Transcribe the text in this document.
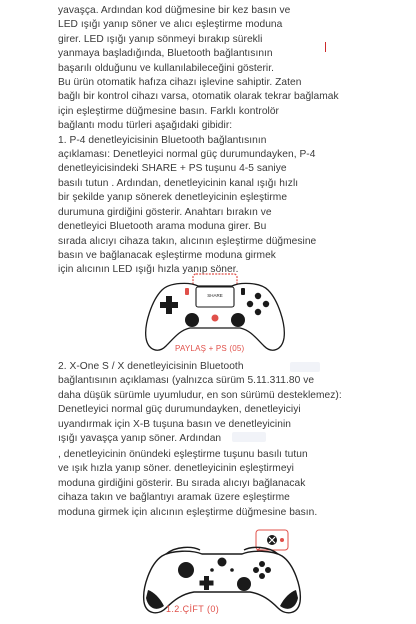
yavaşça. Ardından kod düğmesine bir kez basın ve
LED ışığı yanıp söner ve alıcı eşleştirme moduna
girer. LED ışığı yanıp sönmeyi bırakıp sürekli
yanmaya başladığında, Bluetooth bağlantısının
başarılı olduğunu ve kullanılabileceğini gösterir.
Bu ürün otomatik hafıza cihazı işlevine sahiptir. Zaten
bağlı bir kontrol cihazı varsa, otomatik olarak tekrar bağlamak
için eşleştirme düğmesine basın. Farklı kontrolör
bağlantı modu türleri aşağıdaki gibidir:
1. P-4 denetleyicisinin Bluetooth bağlantısının
açıklaması: Denetleyici normal güç durumundayken, P-4
denetleyicisindeki SHARE + PS tuşunu 4-5 saniye
basılı tutun . Ardından, denetleyicinin kanal ışığı hızlı
bir şekilde yanıp sönerek denetleyicinin eşleştirme
durumuna girdiğini gösterir. Anahtarı bırakın ve
denetleyici Bluetooth arama moduna girer. Bu
sırada alıcıyı cihaza takın, alıcının eşleştirme düğmesine
basın ve bağlanacak eşleştirme moduna girmek
için alıcının LED ışığı hızla yanıp söner.
SHARE
PAYLAŞ + PS (05)
2. X-One S / X denetleyicisinin Bluetooth
bağlantısının açıklaması (yalnızca sürüm 5.11.311.80 ve
daha düşük sürümle uyumludur, en son sürümü desteklemez):
Denetleyici normal güç durumundayken, denetleyiciyi
uyandırmak için X-B tuşuna basın ve denetleyicinin
ışığı yavaşça yanıp söner. Ardından
, denetleyicinin önündeki eşleştirme tuşunu basılı tutun
ve ışık hızla yanıp söner. denetleyicinin eşleştirmeyi
moduna girdiğini gösterir. Bu sırada alıcıyı bağlanacak
cihaza takın ve bağlantıyı aramak üzere eşleştirme
moduna girmek için alıcının eşleştirme düğmesine basın.
1.2.ÇİFT (0)
